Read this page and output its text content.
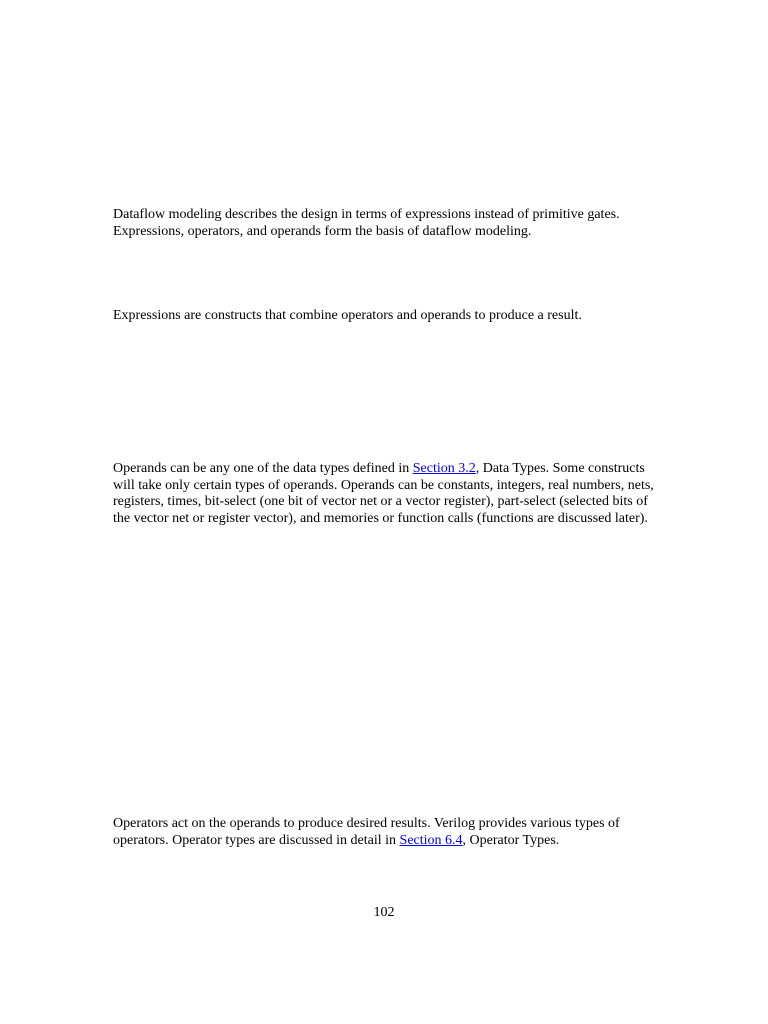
Dataflow modeling describes the design in terms of expressions instead of primitive gates. Expressions, operators, and operands form the basis of dataflow modeling.

Expressions are constructs that combine operators and operands to produce a result.

Operands can be any one of the data types defined in Section 3.2, Data Types. Some constructs will take only certain types of operands. Operands can be constants, integers, real numbers, nets, registers, times, bit-select (one bit of vector net or a vector register), part-select (selected bits of the vector net or register vector), and memories or function calls (functions are discussed later).

Operators act on the operands to produce desired results. Verilog provides various types of operators. Operator types are discussed in detail in Section 6.4, Operator Types.

102
